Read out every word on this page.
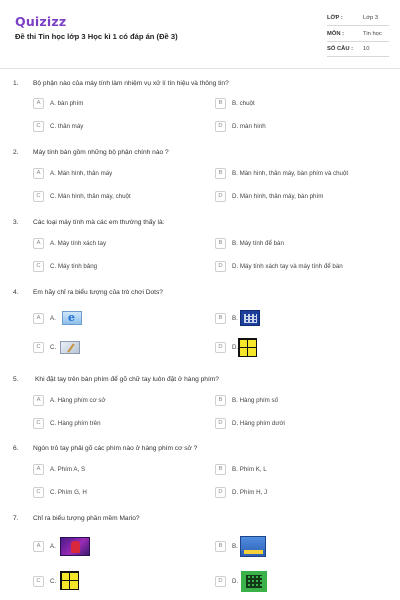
Quizizz
Đề thi Tin học lớp 3 Học kì 1 có đáp án (Đề 3)
LỚP :	Lớp 3
MÔN :	Tin học
SỐ CÂU : 10
1. Bộ phận nào của máy tính làm nhiệm vụ xử lí tín hiệu và thông tin?
A	A. bàn phím	B	B. chuột
C	C. thân máy	D	D. màn hình
2. Máy tính bàn gồm những bộ phận chính nào ?
A	A. Màn hình, thân máy	B	B. Màn hình, thân máy, bàn phím và chuột
C	C. Màn hình, thân máy, chuột	D	D. Màn hình, thân máy, bàn phím
3. Các loại máy tính mà các em thường thấy là:
A	A. Máy tính xách tay	B	B. Máy tính để bàn
C	C. Máy tính bảng	D	D. Máy tính xách tay và máy tính để bàn
4. Em hãy chỉ ra biểu tượng của trò chơi Dots?
A	A.
e	B	B.
C	C.	D	D.
5.	Khi đặt tay trên bàn phím để gõ chữ tay luôn đặt ở hàng phím?
A	A. Hàng phím cơ sở	B	B. Hàng phím số
C	C. Hàng phím trên	D	D. Hàng phím dưới
6. Ngón trỏ tay phải gõ các phím nào ở hàng phím cơ sở ?
A	A. Phím A, S	B	B. Phím K, L
C	C. Phím G, H	D	D. Phím H, J
7. Chỉ ra biểu tượng phần mềm Mario?
A	A.	B	B.
C	C.	D	D.
